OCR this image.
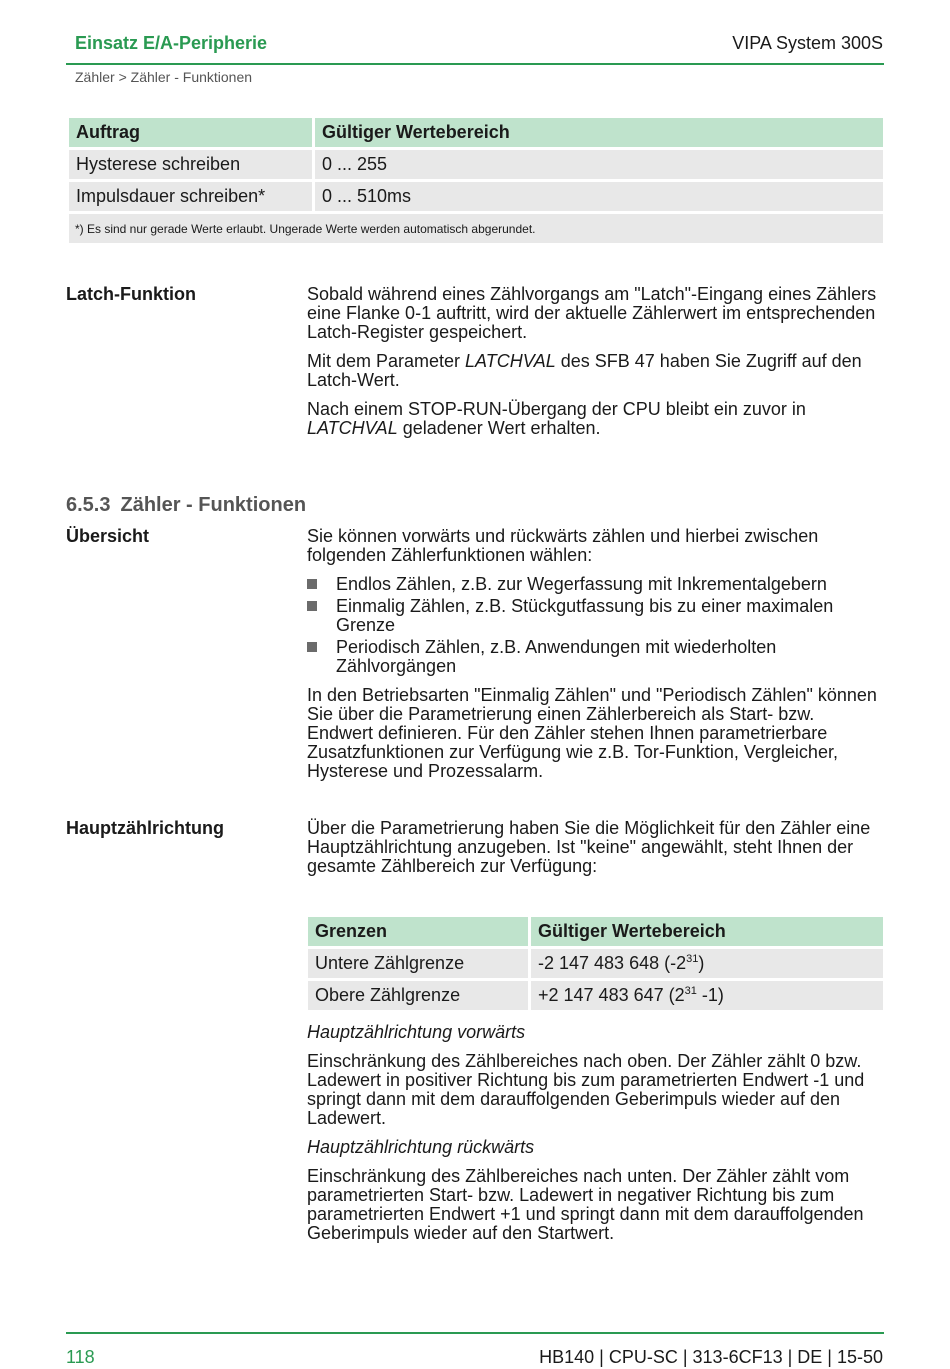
Einsatz E/A-Peripherie	VIPA System 300S
Zähler > Zähler - Funktionen
Auftrag	Gültiger Wertebereich
Hysterese schreiben	0 ... 255
Impulsdauer schreiben*	0 ... 510ms
*) Es sind nur gerade Werte erlaubt. Ungerade Werte werden automatisch abgerundet.	
Latch-Funktion	Sobald während eines Zählvorgangs am "Latch"-Eingang eines Zählers eine Flanke 0-1 auftritt, wird der aktuelle Zählerwert im entsprechenden Latch-Register gespeichert.

Mit dem Parameter LATCHVAL des SFB 47 haben Sie Zugriff auf den Latch-Wert.

Nach einem STOP-RUN-Übergang der CPU bleibt ein zuvor in LATCHVAL geladener Wert erhalten.

6.5.3 Zähler - Funktionen
Übersicht	Sie können vorwärts und rückwärts zählen und hierbei zwischen folgenden Zählerfunktionen wählen:

Endlos Zählen, z.B. zur Wegerfassung mit Inkrementalgebern
Einmalig Zählen, z.B. Stückgutfassung bis zu einer maximalen Grenze
Periodisch Zählen, z.B. Anwendungen mit wiederholten Zählvorgängen

In den Betriebsarten "Einmalig Zählen" und "Periodisch Zählen" können Sie über die Parametrierung einen Zählerbereich als Start- bzw. Endwert definieren. Für den Zähler stehen Ihnen parametrierbare Zusatzfunktionen zur Verfügung wie z.B. Tor-Funktion, Vergleicher, Hysterese und Prozessalarm.

Hauptzählrichtung	Über die Parametrierung haben Sie die Möglichkeit für den Zähler eine Hauptzählrichtung anzugeben. Ist "keine" angewählt, steht Ihnen der gesamte Zählbereich zur Verfügung:
Grenzen	Gültiger Wertebereich
Untere Zählgrenze	-2 147 483 648 $(-2^{31})$
Obere Zählgrenze	+2 147 483 647 ($2^{31}$ -1)

Hauptzählrichtung vorwärts

Einschränkung des Zählbereiches nach oben. Der Zähler zählt 0 bzw. Ladewert in positiver Richtung bis zum parametrierten Endwert -1 und springt dann mit dem darauffolgenden Geberimpuls wieder auf den Ladewert.

Hauptzählrichtung rückwärts

Einschränkung des Zählbereiches nach unten. Der Zähler zählt vom parametrierten Start- bzw. Ladewert in negativer Richtung bis zum parametrierten Endwert +1 und springt dann mit dem darauffolgenden Geberimpuls wieder auf den Startwert.

118	HB140 | CPU-SC | 313-6CF13 | DE | 15-50
